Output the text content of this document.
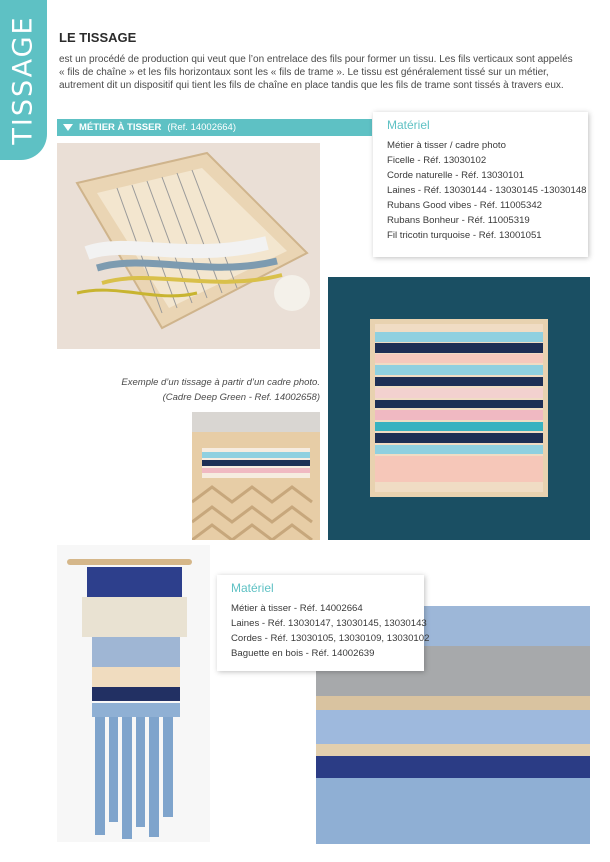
TISSAGE LE TISSAGE

est un procédé de production qui veut que l’on entrelace des fils pour former un tissu. Les fils verticaux sont appelés « fils de chaîne » et les fils horizontaux sont les « fils de trame ». Le tissu est généralement tissé sur un métier, autrement dit un dispositif qui tient les fils de chaîne en place tandis que les fils de trame sont tissés à travers eux.

MÉTIER À TISSER (Ref. 14002664)	Matériel
Métier à tisser / cadre photo
Ficelle - Réf. 13030102
Corde naturelle - Réf. 13030101
Laines - Réf. 13030144 - 13030145 -13030148
Rubans Good vibes - Réf. 11005342
Rubans Bonheur - Réf. 11005319
Fil tricotin turquoise - Réf. 13001051

Exemple d’un tissage à partir d’un cadre photo.
(Cadre Deep Green - Ref. 14002658)

Matériel
Métier à tisser - Réf. 14002664
Laines - Réf. 13030147, 13030145, 13030143
Cordes - Réf. 13030105, 13030109, 13030102
Baguette en bois - Réf. 14002639
